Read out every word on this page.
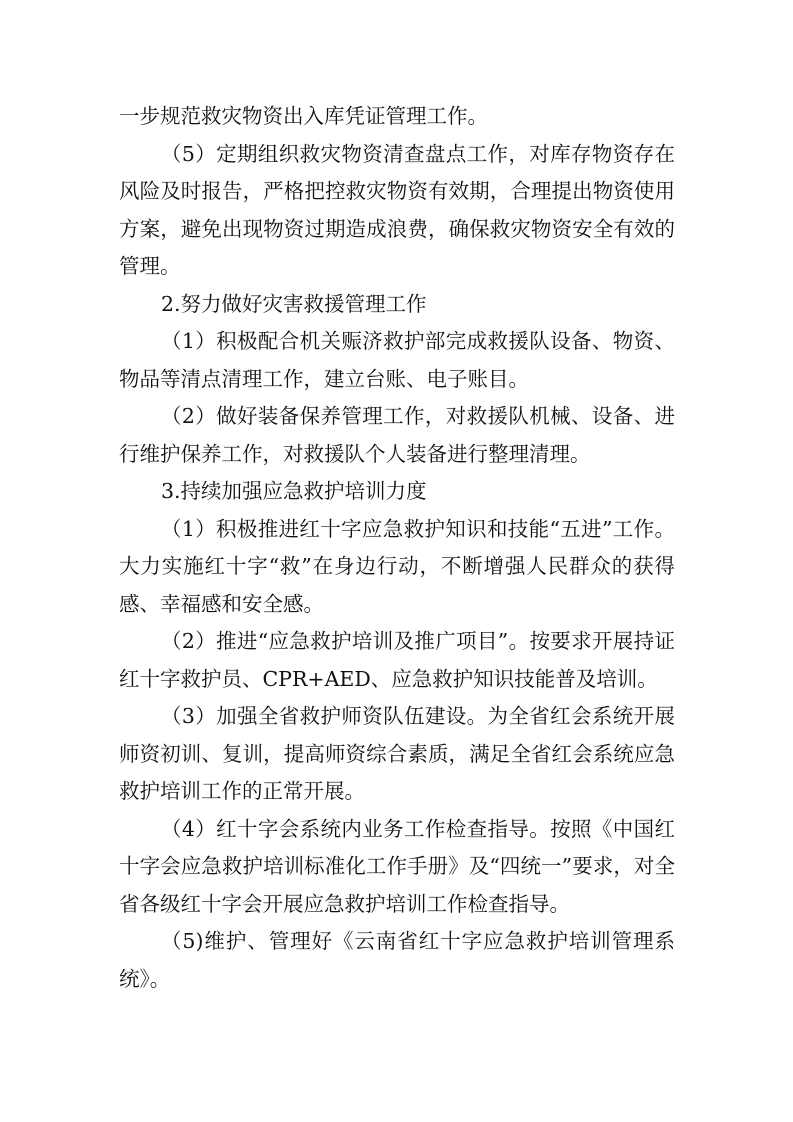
一步规范救灾物资出入库凭证管理工作。

（5）定期组织救灾物资清查盘点工作，对库存物资存在风险及时报告，严格把控救灾物资有效期，合理提出物资使用方案，避免出现物资过期造成浪费，确保救灾物资安全有效的管理。

2.努力做好灾害救援管理工作

（1）积极配合机关赈济救护部完成救援队设备、物资、物品等清点清理工作，建立台账、电子账目。

（2）做好装备保养管理工作，对救援队机械、设备、进行维护保养工作，对救援队个人装备进行整理清理。

3.持续加强应急救护培训力度

（1）积极推进红十字应急救护知识和技能“五进”工作。大力实施红十字“救”在身边行动，不断增强人民群众的获得感、幸福感和安全感。

（2）推进“应急救护培训及推广项目”。按要求开展持证红十字救护员、CPR+AED、应急救护知识技能普及培训。

（3）加强全省救护师资队伍建设。为全省红会系统开展师资初训、复训，提高师资综合素质，满足全省红会系统应急救护培训工作的正常开展。

（4）红十字会系统内业务工作检查指导。按照《中国红十字会应急救护培训标准化工作手册》及“四统一”要求，对全省各级红十字会开展应急救护培训工作检查指导。

（5)维护、管理好《云南省红十字应急救护培训管理系统》。
